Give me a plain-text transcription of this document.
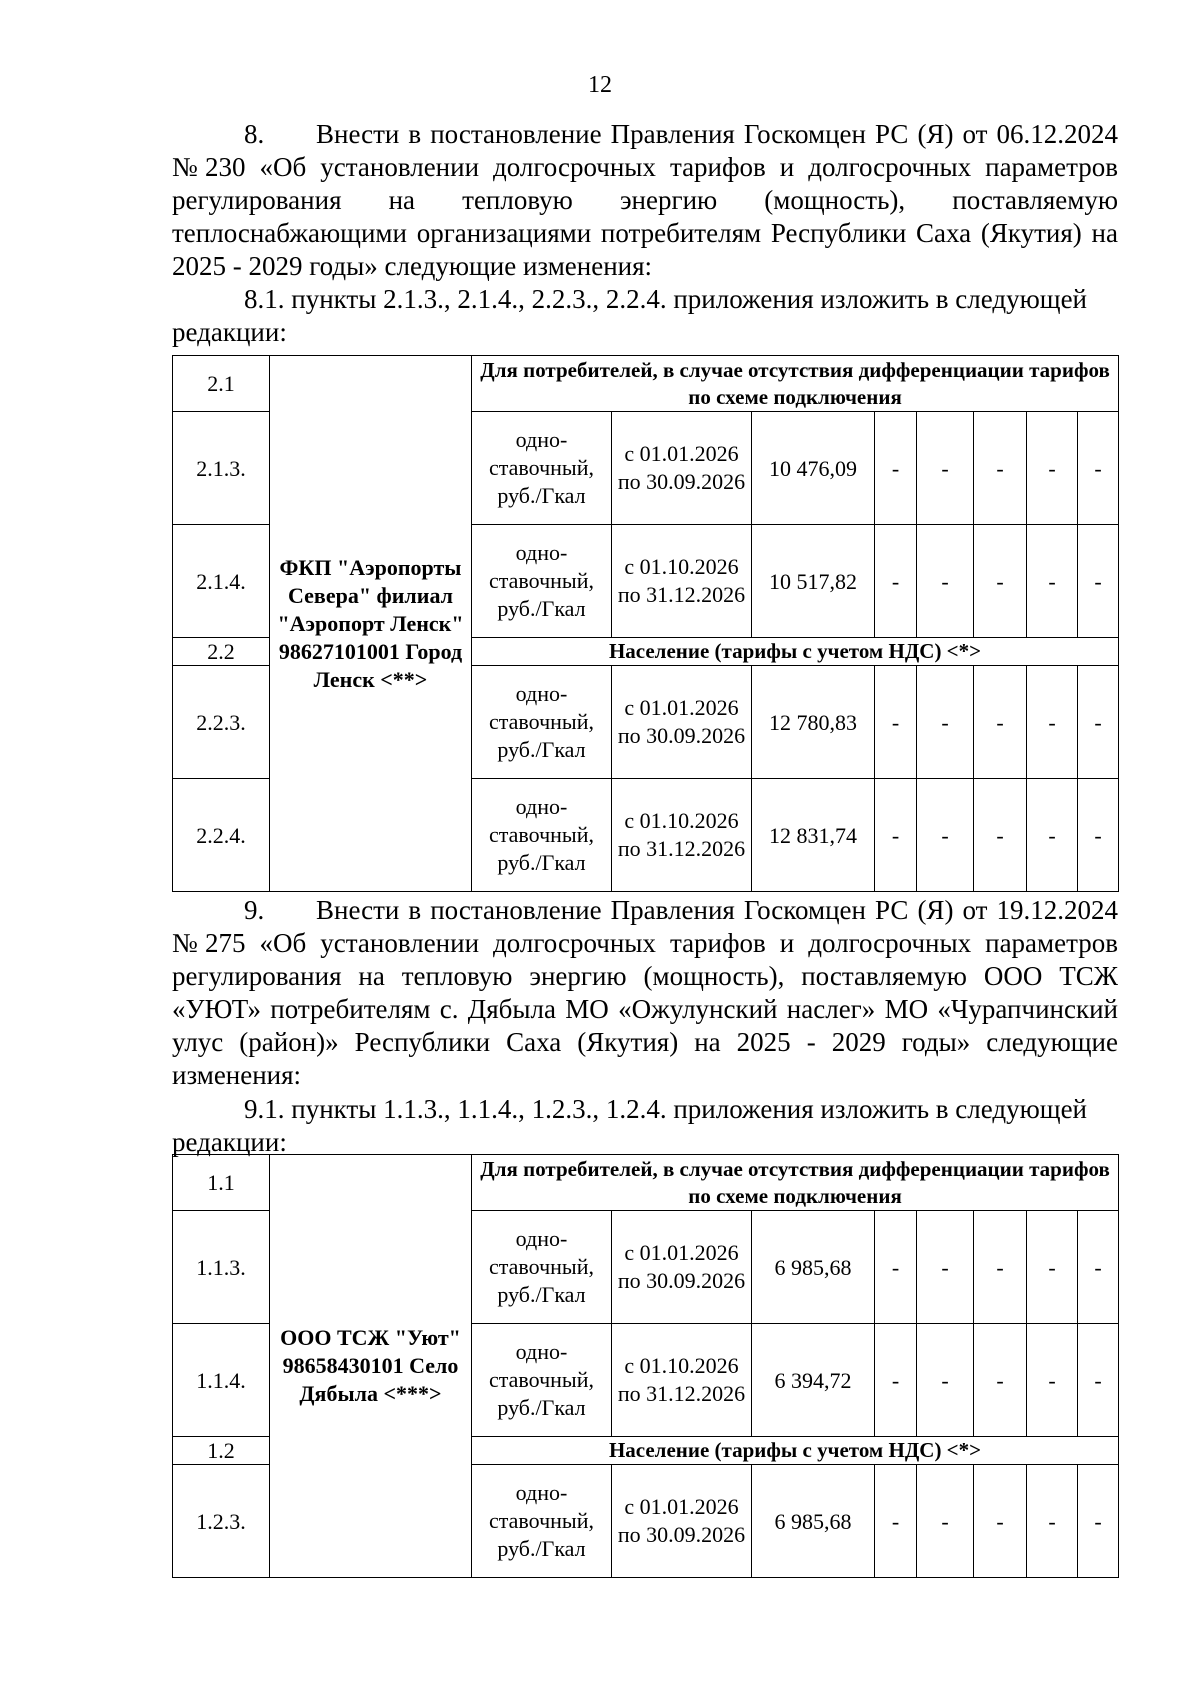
12
8. Внести в постановление Правления Госкомцен РС (Я) от 06.12.2024 №230 «Об установлении долгосрочных тарифов и долгосрочных параметров регулирования на тепловую энергию (мощность), поставляемую теплоснабжающими организациями потребителям Республики Саха (Якутия) на 2025 - 2029 годы» следующие изменения:
8.1. пункты 2.1.3., 2.1.4., 2.2.3., 2.2.4. приложения изложить в следующей редакции:
2.1	ФКП "Аэропорты Севера" филиал "Аэропорт Ленск" 98627101001 Город Ленск <**>	Для потребителей, в случае отсутствия дифференциации тарифов по схеме подключения							
2.1.3.		одно-ставочный, руб./Гкал	с 01.01.2026 по 30.09.2026	10 476,09	-	-	-	-	-
2.1.4.		одно-ставочный, руб./Гкал	с 01.10.2026 по 31.12.2026	10 517,82	-	-	-	-	-
2.2		Население (тарифы с учетом НДС) <*>							
2.2.3.		одно-ставочный, руб./Гкал	с 01.01.2026 по 30.09.2026	12 780,83	-	-	-	-	-
2.2.4.		одно-ставочный, руб./Гкал	с 01.10.2026 по 31.12.2026	12 831,74	-	-	-	-	-
9. Внести в постановление Правления Госкомцен РС (Я) от 19.12.2024 №275 «Об установлении долгосрочных тарифов и долгосрочных параметров регулирования на тепловую энергию (мощность), поставляемую ООО ТСЖ «УЮТ» потребителям с. Дябыла МО «Ожулунский наслег» МО «Чурапчинский улус (район)» Республики Саха (Якутия) на 2025 - 2029 годы» следующие изменения:
9.1. пункты 1.1.3., 1.1.4., 1.2.3., 1.2.4. приложения изложить в следующей редакции:
1.1	ООО ТСЖ "Уют" 98658430101 Село Дябыла <***>	Для потребителей, в случае отсутствия дифференциации тарифов по схеме подключения							
1.1.3.		одно-ставочный, руб./Гкал	с 01.01.2026 по 30.09.2026	6 985,68	-	-	-	-	-
1.1.4.		одно-ставочный, руб./Гкал	с 01.10.2026 по 31.12.2026	6 394,72	-	-	-	-	-
1.2		Население (тарифы с учетом НДС) <*>							
1.2.3.		одно-ставочный, руб./Гкал	с 01.01.2026 по 30.09.2026	6 985,68	-	-	-	-	-
